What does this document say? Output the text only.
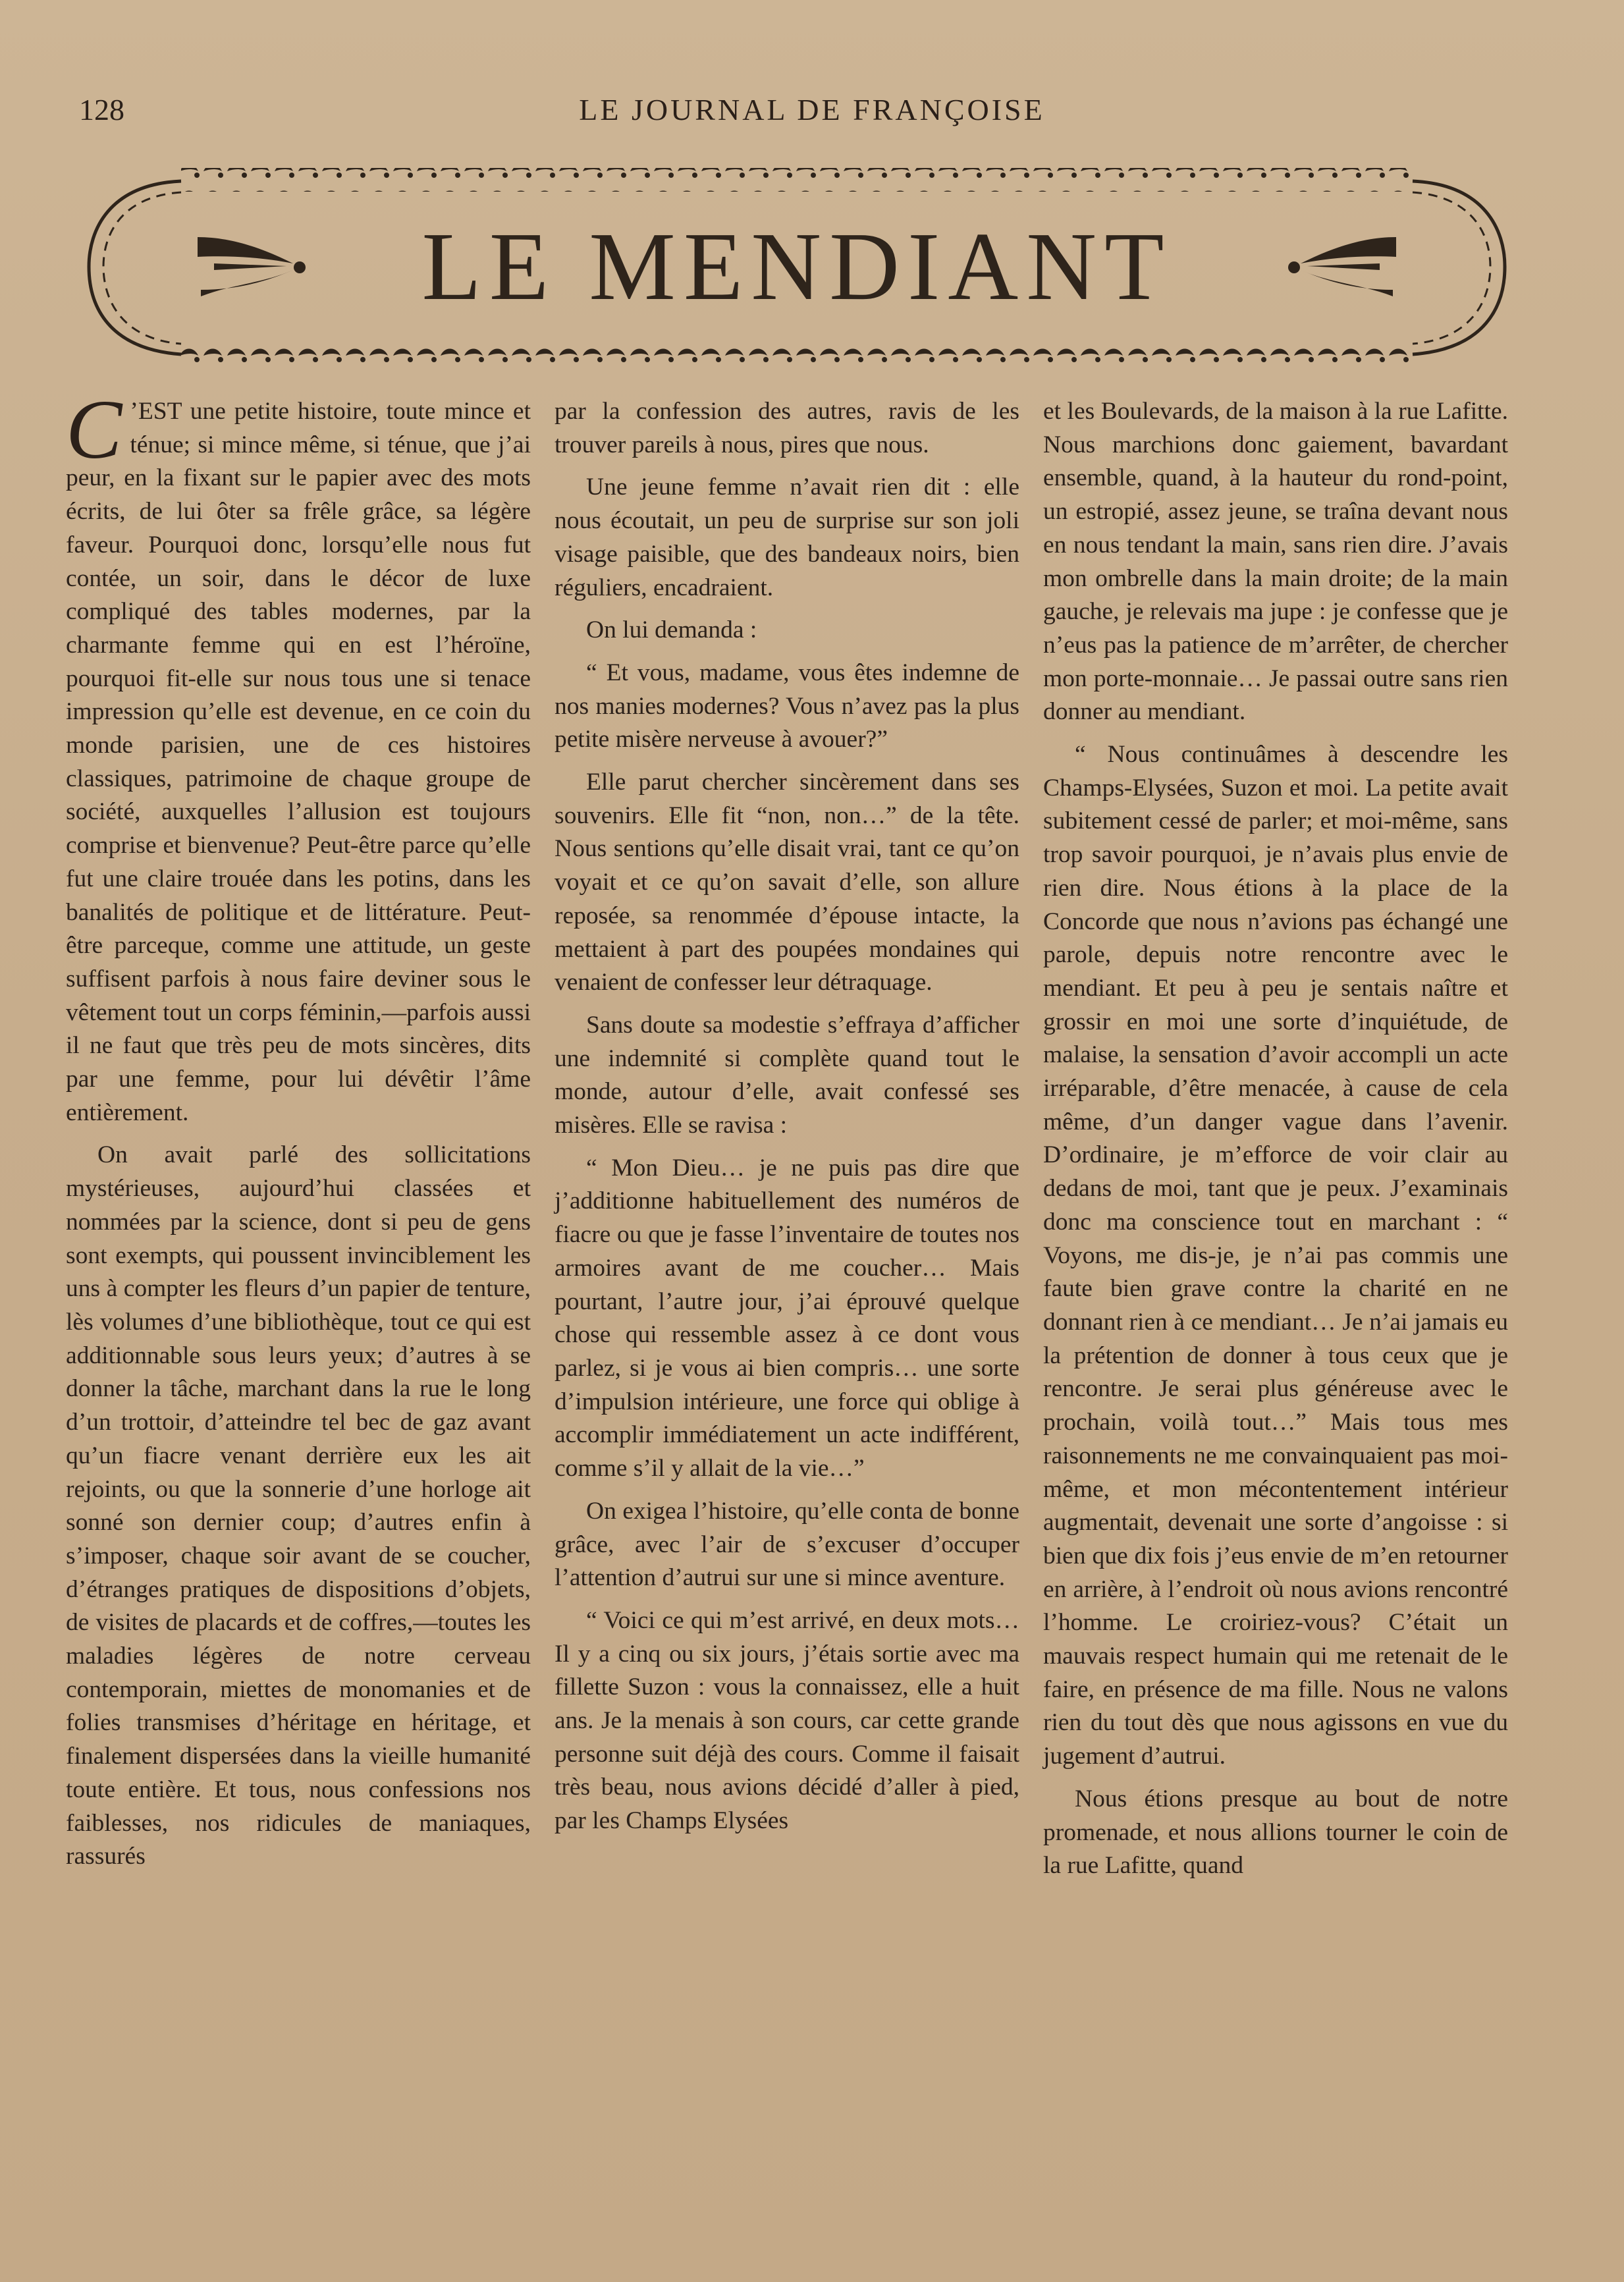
128	LE JOURNAL DE FRANÇOISE
LE MENDIANT

C ’EST une petite histoire, toute mince et ténue; si mince même, si ténue, que j’ai peur, en la fixant sur le papier avec des mots écrits, de lui ôter sa frêle grâce, sa légère faveur. Pourquoi donc, lorsqu’elle nous fut contée, un soir, dans le décor de luxe compliqué des tables modernes, par la charmante femme qui en est l’héroïne, pourquoi fit-elle sur nous tous une si tenace impression qu’elle est devenue, en ce coin du monde parisien, une de ces histoires classiques, patrimoine de chaque groupe de société, auxquelles l’allusion est toujours comprise et bienvenue? Peut-être parce qu’elle fut une claire trouée dans les potins, dans les banalités de politique et de littérature. Peut-être parceque, comme une attitude, un geste suffisent parfois à nous faire deviner sous le vêtement tout un corps féminin,—parfois aussi il ne faut que très peu de mots sincères, dits par une femme, pour lui dévêtir l’âme entièrement.

On avait parlé des sollicitations mystérieuses, aujourd’hui classées et nommées par la science, dont si peu de gens sont exempts, qui poussent invinciblement les uns à compter les fleurs d’un papier de tenture, lès volumes d’une bibliothèque, tout ce qui est additionnable sous leurs yeux; d’autres à se donner la tâche, marchant dans la rue le long d’un trottoir, d’atteindre tel bec de gaz avant qu’un fiacre venant derrière eux les ait rejoints, ou que la sonnerie d’une horloge ait sonné son dernier coup; d’autres enfin à s’imposer, chaque soir avant de se coucher, d’étranges pratiques de dispositions d’objets, de visites de placards et de coffres,—toutes les maladies légères de notre cerveau contemporain, miettes de monomanies et de folies transmises d’héritage en héritage, et finalement dispersées dans la vieille humanité toute entière. Et tous, nous confessions nos faiblesses, nos ridicules de maniaques, rassurés

par la confession des autres, ravis de les trouver pareils à nous, pires que nous.

Une jeune femme n’avait rien dit : elle nous écoutait, un peu de surprise sur son joli visage paisible, que des bandeaux noirs, bien réguliers, encadraient.

On lui demanda :

“ Et vous, madame, vous êtes indemne de nos manies modernes? Vous n’avez pas la plus petite misère nerveuse à avouer?”

Elle parut chercher sincèrement dans ses souvenirs. Elle fit “non, non…” de la tête. Nous sentions qu’elle disait vrai, tant ce qu’on voyait et ce qu’on savait d’elle, son allure reposée, sa renommée d’épouse intacte, la mettaient à part des poupées mondaines qui venaient de confesser leur détraquage.

Sans doute sa modestie s’effraya d’afficher une indemnité si complète quand tout le monde, autour d’elle, avait confessé ses misères. Elle se ravisa :

“ Mon Dieu… je ne puis pas dire que j’additionne habituellement des numéros de fiacre ou que je fasse l’inventaire de toutes nos armoires avant de me coucher… Mais pourtant, l’autre jour, j’ai éprouvé quelque chose qui ressemble assez à ce dont vous parlez, si je vous ai bien compris… une sorte d’impulsion intérieure, une force qui oblige à accomplir immédiatement un acte indifférent, comme s’il y allait de la vie…”

On exigea l’histoire, qu’elle conta de bonne grâce, avec l’air de s’excuser d’occuper l’attention d’autrui sur une si mince aventure.

“ Voici ce qui m’est arrivé, en deux mots… Il y a cinq ou six jours, j’étais sortie avec ma fillette Suzon : vous la connaissez, elle a huit ans. Je la menais à son cours, car cette grande personne suit déjà des cours. Comme il faisait très beau, nous avions décidé d’aller à pied, par les Champs Elysées

et les Boulevards, de la maison à la rue Lafitte. Nous marchions donc gaiement, bavardant ensemble, quand, à la hauteur du rond-point, un estropié, assez jeune, se traîna devant nous en nous tendant la main, sans rien dire. J’avais mon ombrelle dans la main droite; de la main gauche, je relevais ma jupe : je confesse que je n’eus pas la patience de m’arrêter, de chercher mon porte-monnaie… Je passai outre sans rien donner au mendiant.

“ Nous continuâmes à descendre les Champs-Elysées, Suzon et moi. La petite avait subitement cessé de parler; et moi-même, sans trop savoir pourquoi, je n’avais plus envie de rien dire. Nous étions à la place de la Concorde que nous n’avions pas échangé une parole, depuis notre rencontre avec le mendiant. Et peu à peu je sentais naître et grossir en moi une sorte d’inquiétude, de malaise, la sensation d’avoir accompli un acte irréparable, d’être menacée, à cause de cela même, d’un danger vague dans l’avenir. D’ordinaire, je m’efforce de voir clair au dedans de moi, tant que je peux. J’examinais donc ma conscience tout en marchant : “ Voyons, me dis-je, je n’ai pas commis une faute bien grave contre la charité en ne donnant rien à ce mendiant… Je n’ai jamais eu la prétention de donner à tous ceux que je rencontre. Je serai plus généreuse avec le prochain, voilà tout…” Mais tous mes raisonnements ne me convainquaient pas moi-même, et mon mécontentement intérieur augmentait, devenait une sorte d’angoisse : si bien que dix fois j’eus envie de m’en retourner en arrière, à l’endroit où nous avions rencontré l’homme. Le croiriez-vous? C’était un mauvais respect humain qui me retenait de le faire, en présence de ma fille. Nous ne valons rien du tout dès que nous agissons en vue du jugement d’autrui.

Nous étions presque au bout de notre promenade, et nous allions tourner le coin de la rue Lafitte, quand
